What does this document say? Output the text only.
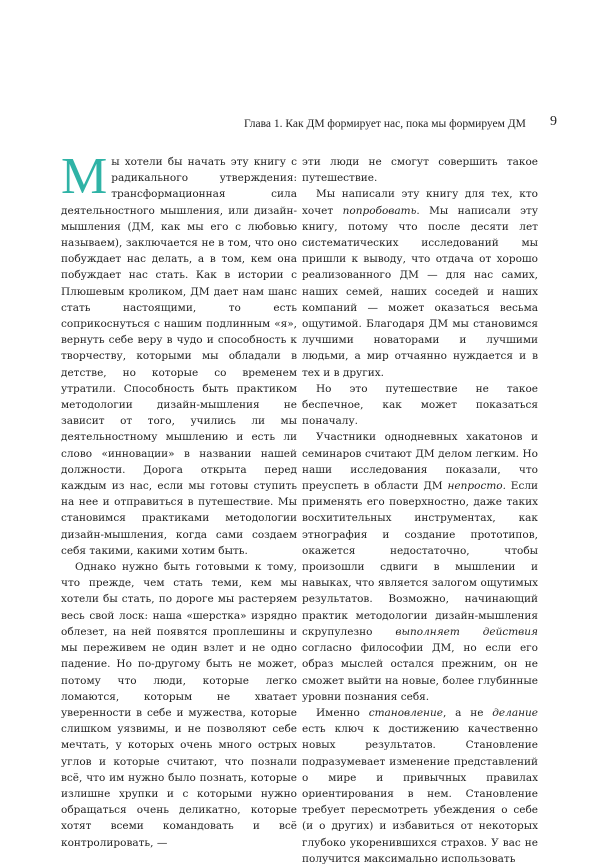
Глава 1. Как ДМ формирует нас, пока мы формируем ДМ	9

Мы хотели бы начать эту книгу с радикального утверждения: трансформационная сила деятельностного мышления, или дизайн-мышления (ДМ, как мы его с любовью называем), заключается не в том, что оно побуждает нас делать, а в том, кем она побуждает нас стать. Как в истории с Плюшевым кроликом, ДМ дает нам шанс стать настоящими, то есть соприкоснуться с нашим подлинным «я», вернуть себе веру в чудо и способность к творчеству, которыми мы обладали в детстве, но которые со временем утратили. Способность быть практиком методологии дизайн-мышления не зависит от того, учились ли мы деятельностному мышлению и есть ли слово «инновации» в названии нашей должности. Дорога открыта перед каждым из нас, если мы готовы ступить на нее и отправиться в путешествие. Мы становимся практиками методологии дизайн-мышления, когда сами создаем себя такими, какими хотим быть.

Однако нужно быть готовыми к тому, что прежде, чем стать теми, кем мы хотели бы стать, по дороге мы растеряем весь свой лоск: наша «шерстка» изрядно облезет, на ней появятся проплешины и мы переживем не один взлет и не одно падение. Но по-другому быть не может, потому что люди, которые легко ломаются, которым не хватает уверенности в себе и мужества, которые слишком уязвимы, и не позволяют себе мечтать, у которых очень много острых углов и которые считают, что познали всё, что им нужно было познать, которые излишне хрупки и с которыми нужно обращаться очень деликатно, которые хотят всеми командовать и всё контролировать, —

эти люди не смогут совершить такое путешествие.

Мы написали эту книгу для тех, кто хочет попробовать. Мы написали эту книгу, потому что после десяти лет систематических исследований мы пришли к выводу, что отдача от хорошо реализованного ДМ — для нас самих, наших семей, наших соседей и наших компаний — может оказаться весьма ощутимой. Благодаря ДМ мы становимся лучшими новаторами и лучшими людьми, а мир отчаянно нуждается и в тех и в других.

Но это путешествие не такое беспечное, как может показаться поначалу.

Участники однодневных хакатонов и семинаров считают ДМ делом легким. Но наши исследования показали, что преуспеть в области ДМ непросто. Если применять его поверхностно, даже таких восхитительных инструментах, как этнография и создание прототипов, окажется недостаточно, чтобы произошли сдвиги в мышлении и навыках, что является залогом ощутимых результатов. Возможно, начинающий практик методологии дизайн-мышления скрупулезно выполняет действия согласно философии ДМ, но если его образ мыслей остался прежним, он не сможет выйти на новые, более глубинные уровни познания себя.

Именно становление, а не делание есть ключ к достижению качественно новых результатов. Становление подразумевает изменение представлений о мире и привычных правилах ориентирования в нем. Становление требует пересмотреть убеждения о себе (и о других) и избавиться от некоторых глубоко укоренившихся страхов. У вас не получится максимально использовать
